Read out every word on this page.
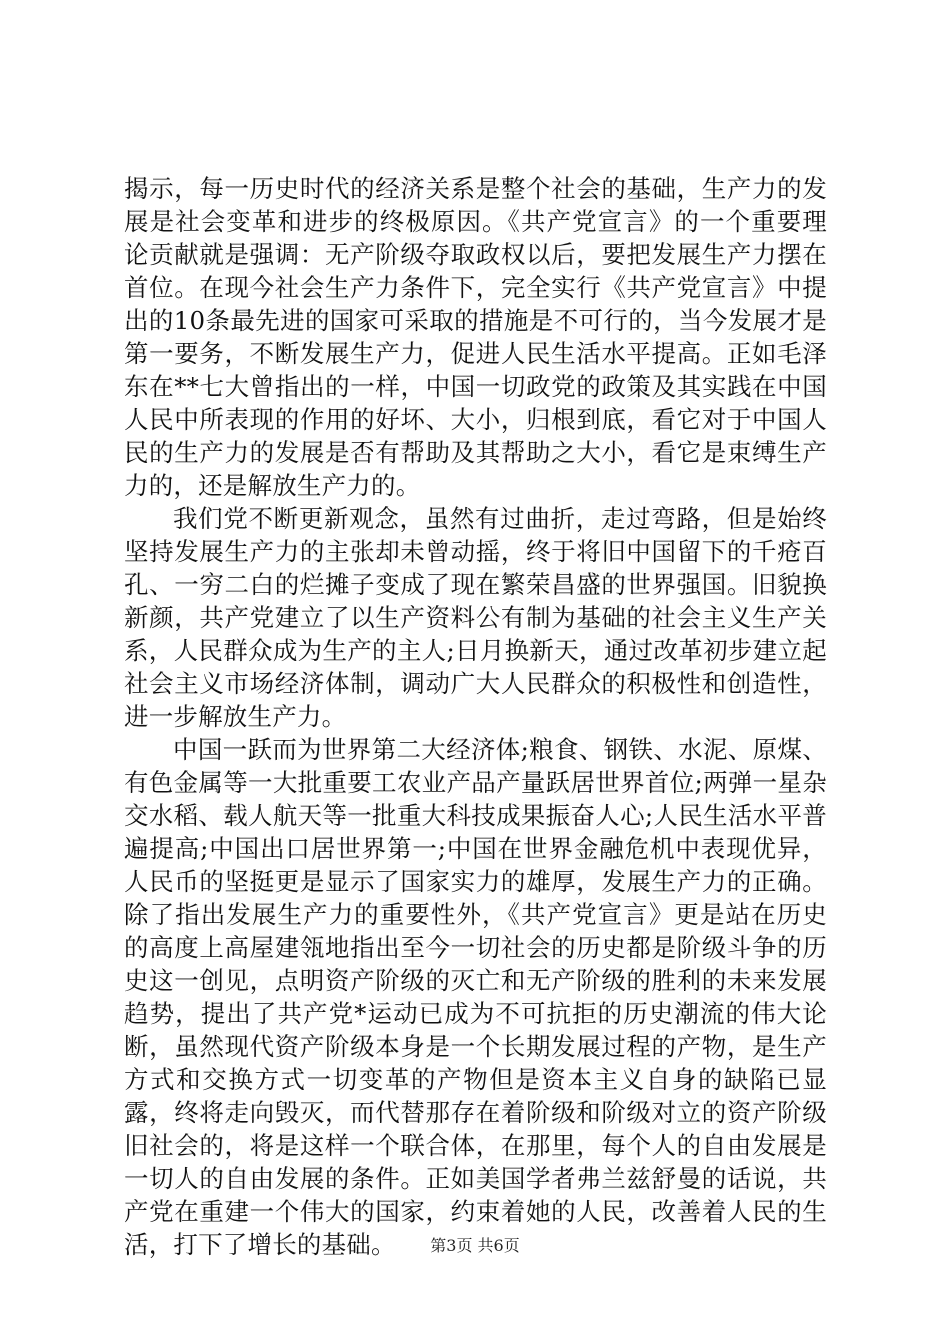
揭示，每一历史时代的经济关系是整个社会的基础，生产力的发展是社会变革和进步的终极原因。《共产党宣言》的一个重要理论贡献就是强调：无产阶级夺取政权以后，要把发展生产力摆在首位。在现今社会生产力条件下，完全实行《共产党宣言》中提出的10条最先进的国家可采取的措施是不可行的，当今发展才是第一要务，不断发展生产力，促进人民生活水平提高。正如毛泽东在**七大曾指出的一样，中国一切政党的政策及其实践在中国人民中所表现的作用的好坏、大小，归根到底，看它对于中国人民的生产力的发展是否有帮助及其帮助之大小，看它是束缚生产力的，还是解放生产力的。

我们党不断更新观念，虽然有过曲折，走过弯路，但是始终坚持发展生产力的主张却未曾动摇，终于将旧中国留下的千疮百孔、一穷二白的烂摊子变成了现在繁荣昌盛的世界强国。旧貌换新颜，共产党建立了以生产资料公有制为基础的社会主义生产关系，人民群众成为生产的主人;日月换新天，通过改革初步建立起社会主义市场经济体制，调动广大人民群众的积极性和创造性，进一步解放生产力。

中国一跃而为世界第二大经济体;粮食、钢铁、水泥、原煤、有色金属等一大批重要工农业产品产量跃居世界首位;两弹一星杂交水稻、载人航天等一批重大科技成果振奋人心;人民生活水平普遍提高;中国出口居世界第一;中国在世界金融危机中表现优异，人民币的坚挺更是显示了国家实力的雄厚，发展生产力的正确。除了指出发展生产力的重要性外，《共产党宣言》更是站在历史的高度上高屋建瓴地指出至今一切社会的历史都是阶级斗争的历史这一创见，点明资产阶级的灭亡和无产阶级的胜利的未来发展趋势，提出了共产党*运动已成为不可抗拒的历史潮流的伟大论断，虽然现代资产阶级本身是一个长期发展过程的产物，是生产方式和交换方式一切变革的产物但是资本主义自身的缺陷已显露，终将走向毁灭，而代替那存在着阶级和阶级对立的资产阶级旧社会的，将是这样一个联合体，在那里，每个人的自由发展是一切人的自由发展的条件。正如美国学者弗兰兹舒曼的话说，共产党在重建一个伟大的国家，约束着她的人民，改善着人民的生活，打下了增长的基础。	第3页 共6页
